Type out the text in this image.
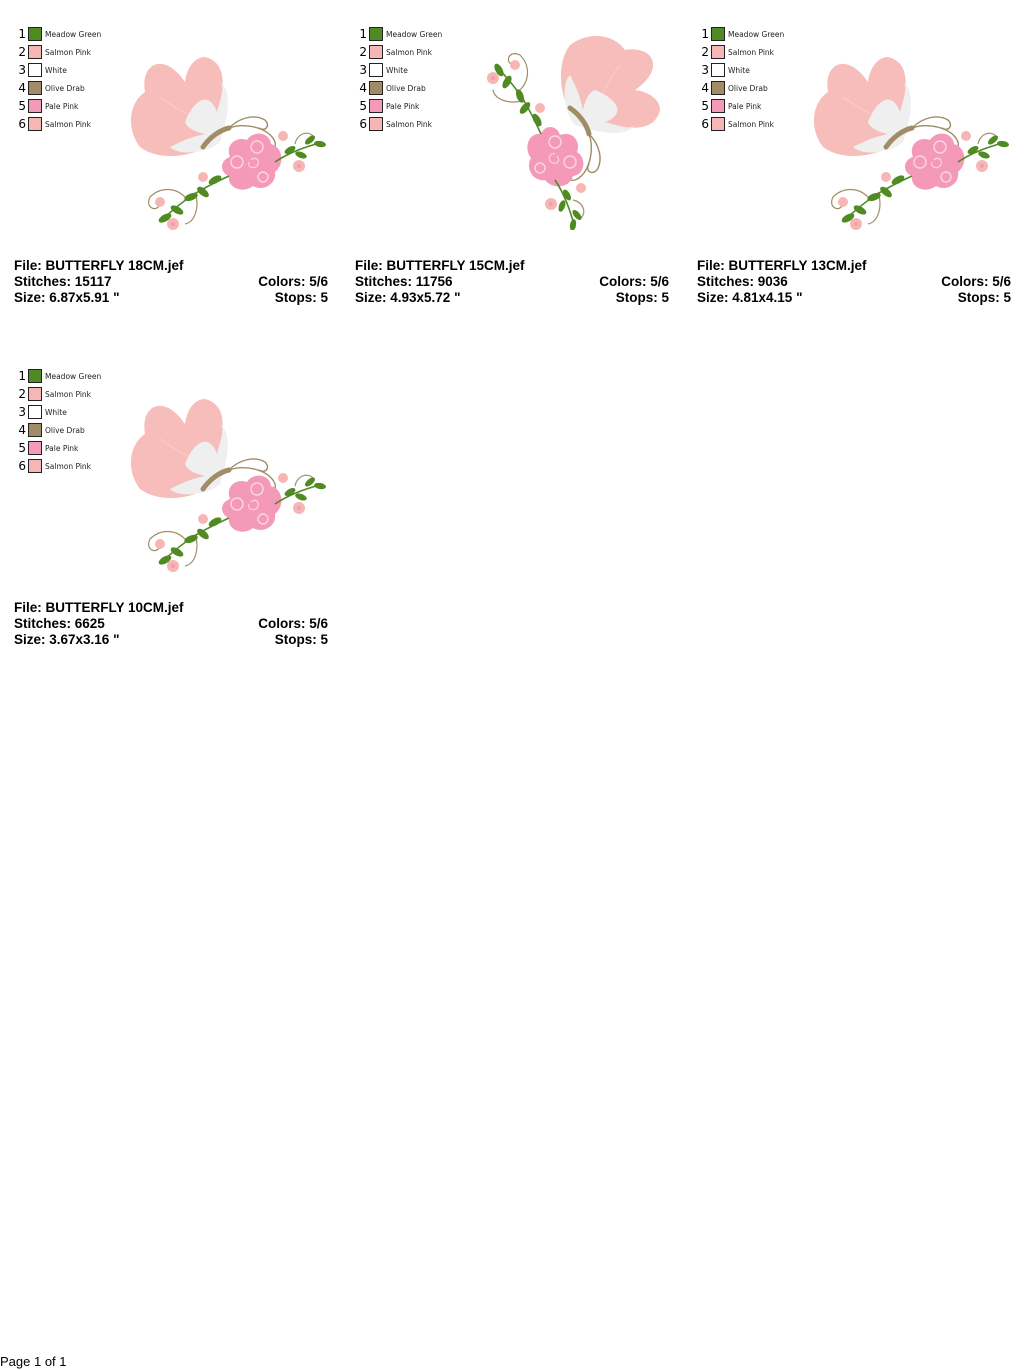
1	Meadow Green
2	Salmon Pink
3	White
4	Olive Drab
5	Pale Pink
6	Salmon Pink
File: BUTTERFLY 18CM.jef
Stitches: 15117	Colors: 5/6
Size: 6.87x5.91 "	Stops: 5
1	Meadow Green
2	Salmon Pink
3	White
4	Olive Drab
5	Pale Pink
6	Salmon Pink
File: BUTTERFLY 15CM.jef
Stitches: 11756	Colors: 5/6
Size: 4.93x5.72 "	Stops: 5
1	Meadow Green
2	Salmon Pink
3	White
4	Olive Drab
5	Pale Pink
6	Salmon Pink
File: BUTTERFLY 13CM.jef
Stitches: 9036	Colors: 5/6
Size: 4.81x4.15 "	Stops: 5
1	Meadow Green
2	Salmon Pink
3	White
4	Olive Drab
5	Pale Pink
6	Salmon Pink
File: BUTTERFLY 10CM.jef
Stitches: 6625	Colors: 5/6
Size: 3.67x3.16 "	Stops: 5
Page 1 of 1
